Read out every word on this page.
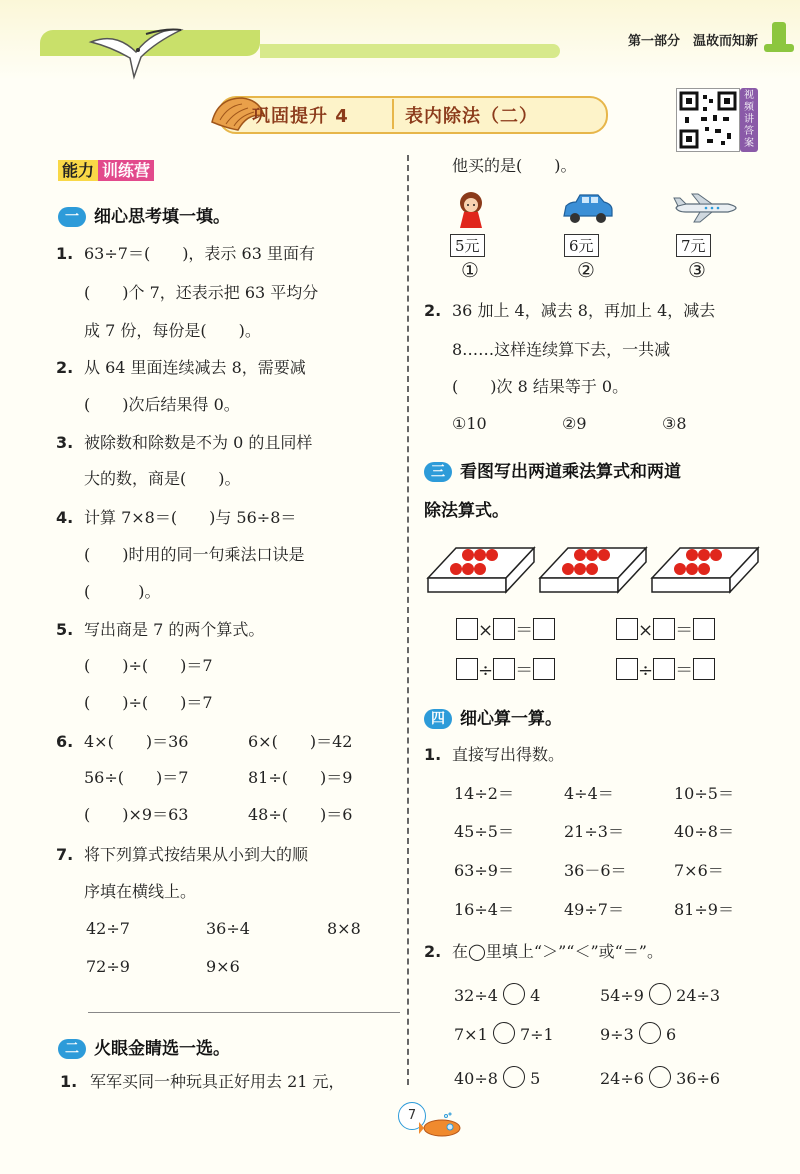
第一部分　温故而知新
巩固提升 4	表内除法（二）
视频讲答案
能力 训练营
一 细心思考填一填。
1. 63÷7＝(　　)，表示 63 里面有
(　　)个 7，还表示把 63 平均分
成 7 份，每份是(　　)。
2. 从 64 里面连续减去 8，需要减
(　　)次后结果得 0。
3. 被除数和除数是不为 0 的且同样
大的数，商是(　　)。
4. 计算 7×8＝(　　)与 56÷8＝
(　　)时用的同一句乘法口诀是
(　　　)。
5. 写出商是 7 的两个算式。
(　　)÷(　　)＝7
(　　)÷(　　)＝7
6. 4×(　　)＝36	6×(　　)＝42
56÷(　　)＝7	81÷(　　)＝9
(　　)×9＝63	48÷(　　)＝6
7. 将下列算式按结果从小到大的顺
序填在横线上。
42÷7	36÷4	8×8
72÷9	9×6
二 火眼金睛选一选。
1. 军军买同一种玩具正好用去 21 元，
他买的是(　　)。
5元	6元	7元
①	②	③
2. 36 加上 4，减去 8，再加上 4，减去
8……这样连续算下去，一共减
(　　)次 8 结果等于 0。
①10	②9	③8
三 看图写出两道乘法算式和两道
除法算式。
× ＝	× ＝
÷ ＝	÷ ＝
四 细心算一算。
1. 直接写出得数。
14÷2＝	4÷4＝	10÷5＝
45÷5＝	21÷3＝	40÷8＝
63÷9＝	36－6＝	7×6＝
16÷4＝	49÷7＝	81÷9＝
2. 在◯里填上“＞”“＜”或“＝”。
32÷4 4	54÷9 24÷3
7×1 7÷1	9÷3 6
40÷8 5	24÷6 36÷6
7
